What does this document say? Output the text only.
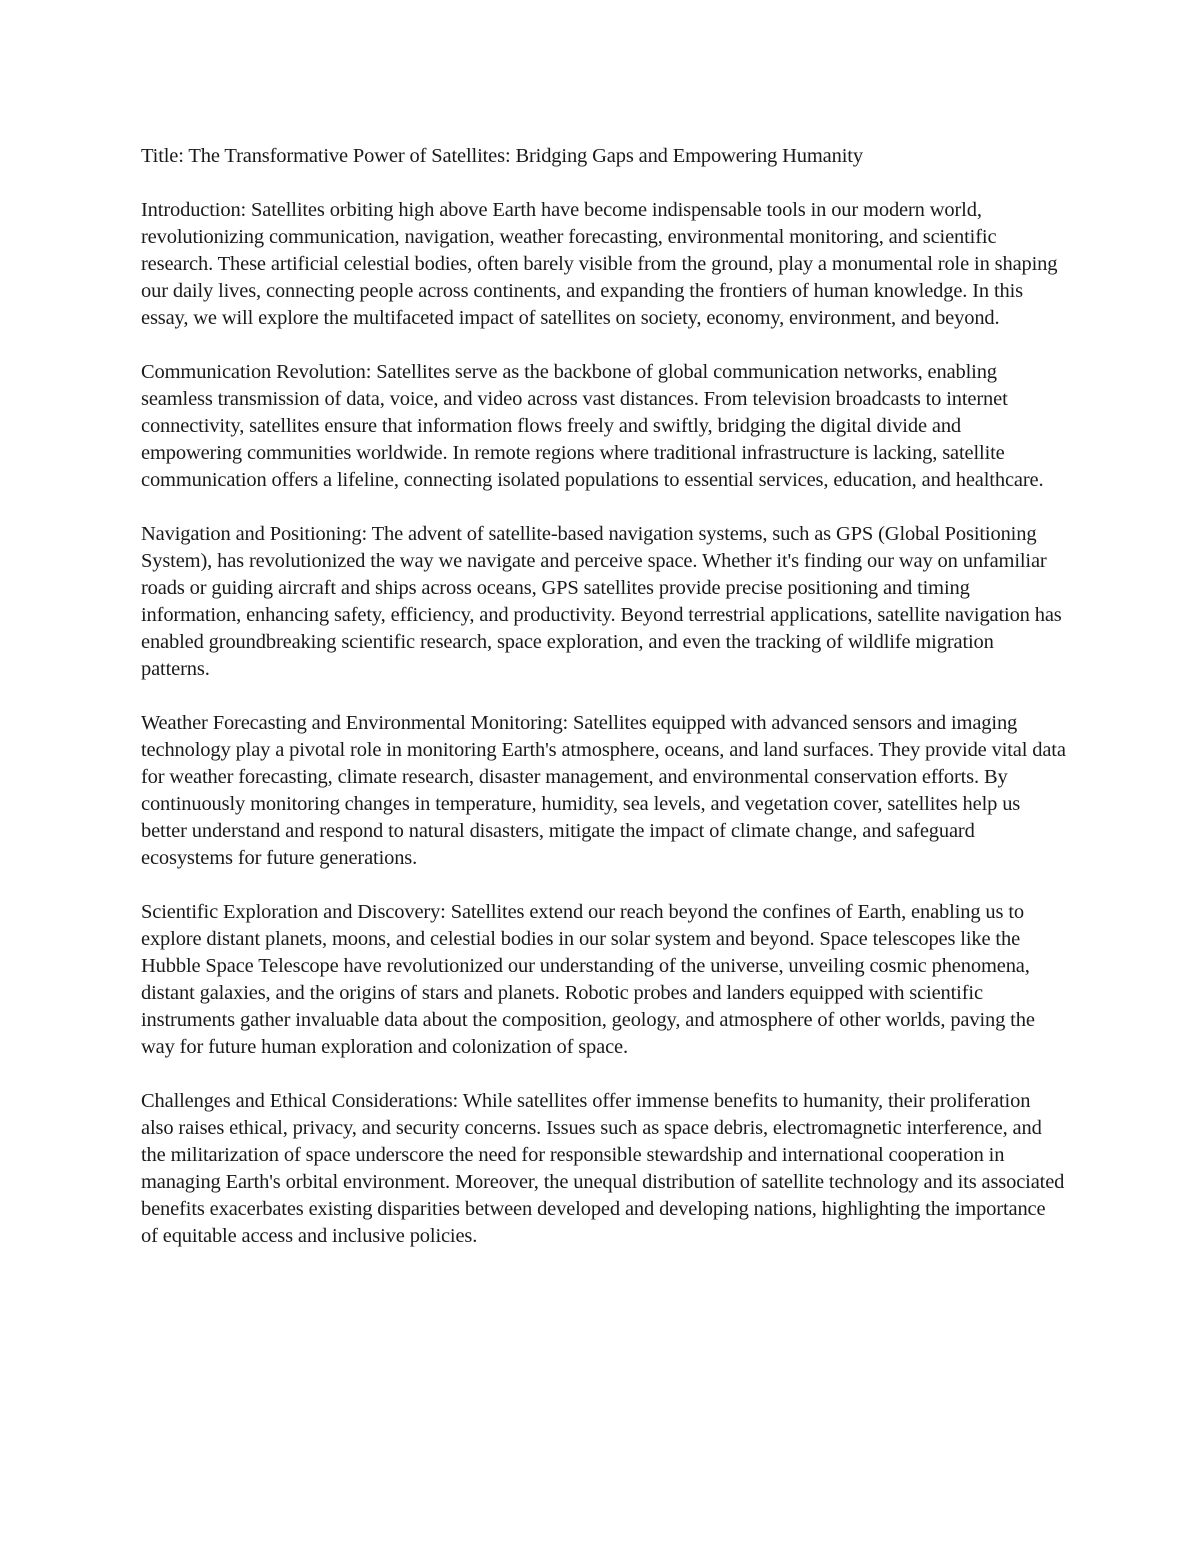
Title: The Transformative Power of Satellites: Bridging Gaps and Empowering Humanity

Introduction: Satellites orbiting high above Earth have become indispensable tools in our modern world, revolutionizing communication, navigation, weather forecasting, environmental monitoring, and scientific research. These artificial celestial bodies, often barely visible from the ground, play a monumental role in shaping our daily lives, connecting people across continents, and expanding the frontiers of human knowledge. In this essay, we will explore the multifaceted impact of satellites on society, economy, environment, and beyond.

Communication Revolution: Satellites serve as the backbone of global communication networks, enabling seamless transmission of data, voice, and video across vast distances. From television broadcasts to internet connectivity, satellites ensure that information flows freely and swiftly, bridging the digital divide and empowering communities worldwide. In remote regions where traditional infrastructure is lacking, satellite communication offers a lifeline, connecting isolated populations to essential services, education, and healthcare.

Navigation and Positioning: The advent of satellite-based navigation systems, such as GPS (Global Positioning System), has revolutionized the way we navigate and perceive space. Whether it's finding our way on unfamiliar roads or guiding aircraft and ships across oceans, GPS satellites provide precise positioning and timing information, enhancing safety, efficiency, and productivity. Beyond terrestrial applications, satellite navigation has enabled groundbreaking scientific research, space exploration, and even the tracking of wildlife migration patterns.

Weather Forecasting and Environmental Monitoring: Satellites equipped with advanced sensors and imaging technology play a pivotal role in monitoring Earth's atmosphere, oceans, and land surfaces. They provide vital data for weather forecasting, climate research, disaster management, and environmental conservation efforts. By continuously monitoring changes in temperature, humidity, sea levels, and vegetation cover, satellites help us better understand and respond to natural disasters, mitigate the impact of climate change, and safeguard ecosystems for future generations.

Scientific Exploration and Discovery: Satellites extend our reach beyond the confines of Earth, enabling us to explore distant planets, moons, and celestial bodies in our solar system and beyond. Space telescopes like the Hubble Space Telescope have revolutionized our understanding of the universe, unveiling cosmic phenomena, distant galaxies, and the origins of stars and planets. Robotic probes and landers equipped with scientific instruments gather invaluable data about the composition, geology, and atmosphere of other worlds, paving the way for future human exploration and colonization of space.

Challenges and Ethical Considerations: While satellites offer immense benefits to humanity, their proliferation also raises ethical, privacy, and security concerns. Issues such as space debris, electromagnetic interference, and the militarization of space underscore the need for responsible stewardship and international cooperation in managing Earth's orbital environment. Moreover, the unequal distribution of satellite technology and its associated benefits exacerbates existing disparities between developed and developing nations, highlighting the importance of equitable access and inclusive policies.
